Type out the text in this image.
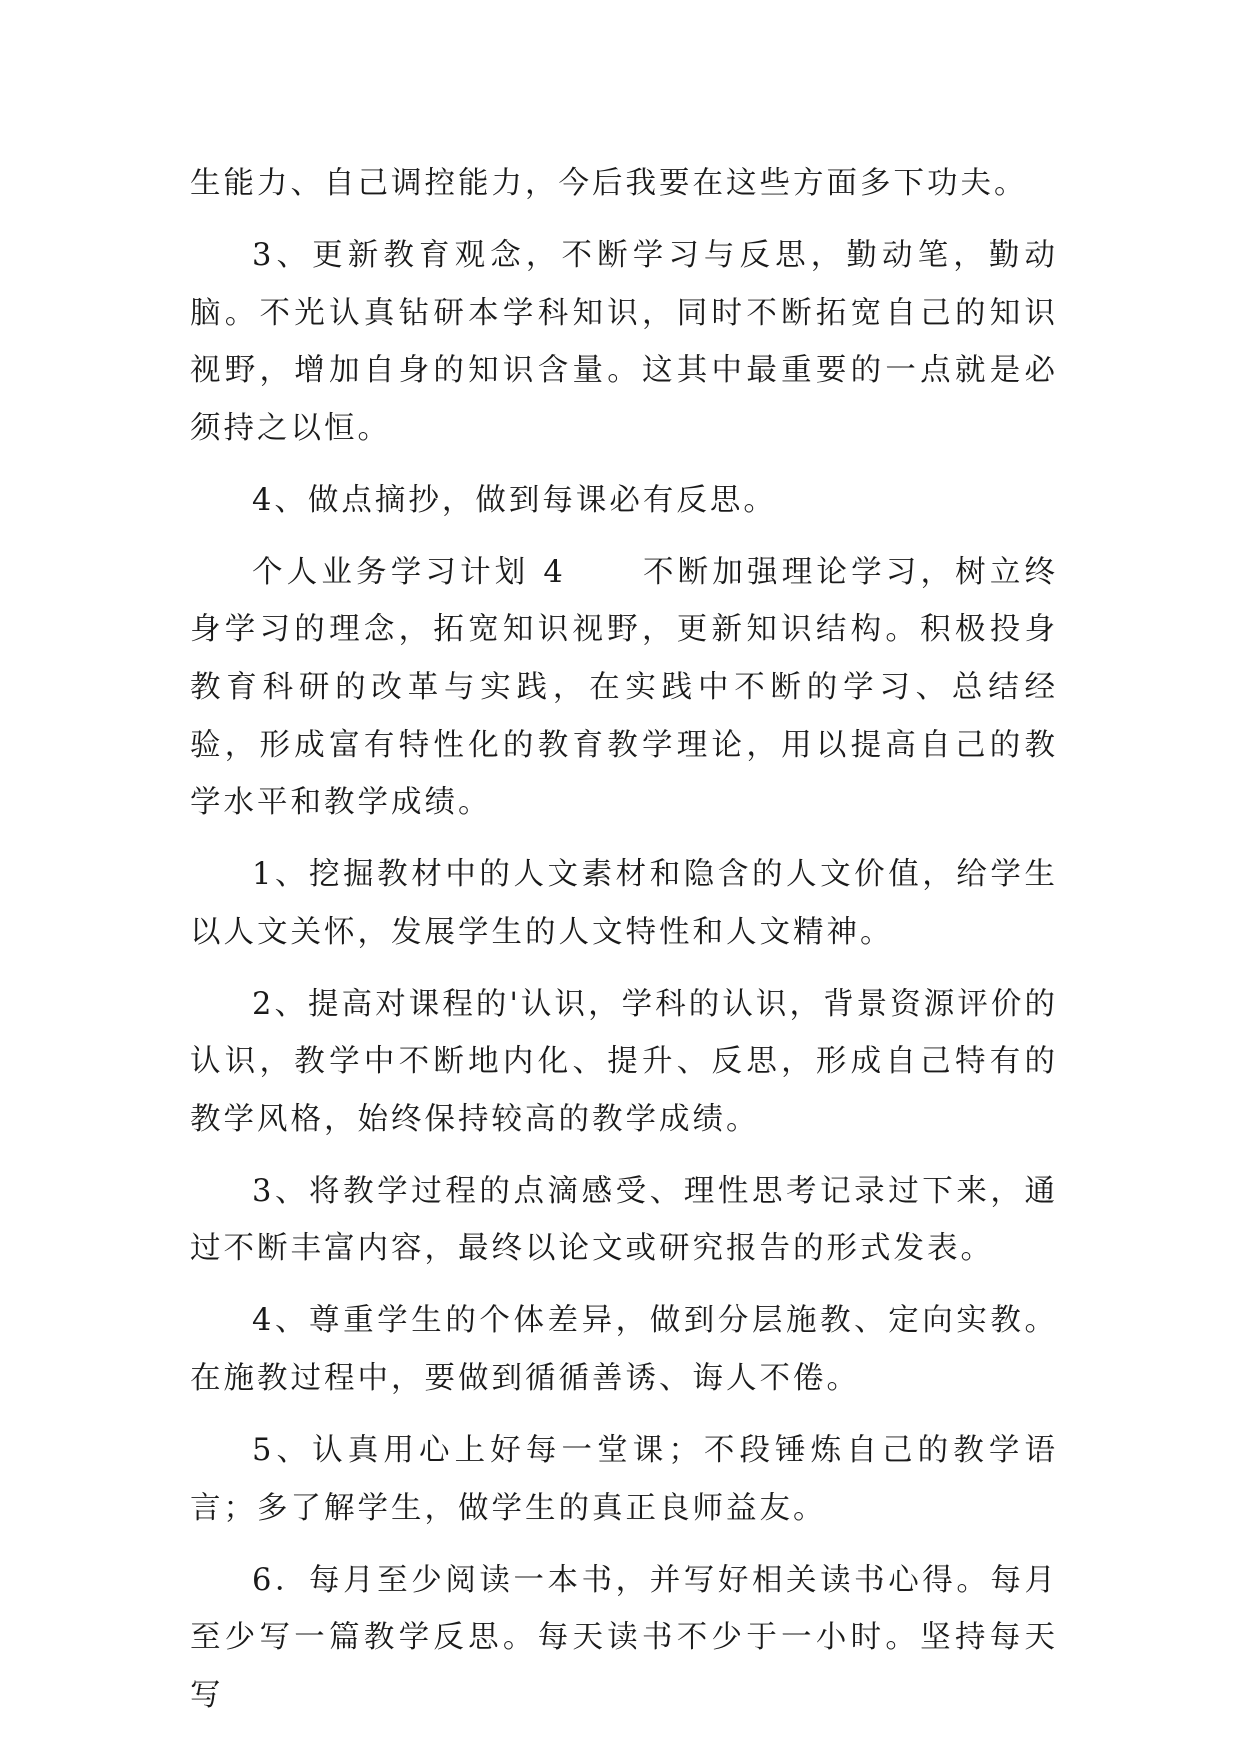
生能力、自己调控能力，今后我要在这些方面多下功夫。

3、更新教育观念，不断学习与反思，勤动笔，勤动脑。不光认真钻研本学科知识，同时不断拓宽自己的知识视野，增加自身的知识含量。这其中最重要的一点就是必须持之以恒。

4、做点摘抄，做到每课必有反思。

个人业务学习计划 4 不断加强理论学习，树立终身学习的理念，拓宽知识视野，更新知识结构。积极投身教育科研的改革与实践，在实践中不断的学习、总结经验，形成富有特性化的教育教学理论，用以提高自己的教学水平和教学成绩。

1、挖掘教材中的人文素材和隐含的人文价值，给学生以人文关怀，发展学生的人文特性和人文精神。

2、提高对课程的'认识，学科的认识，背景资源评价的认识，教学中不断地内化、提升、反思，形成自己特有的教学风格，始终保持较高的教学成绩。

3、将教学过程的点滴感受、理性思考记录过下来，通过不断丰富内容，最终以论文或研究报告的形式发表。

4、尊重学生的个体差异，做到分层施教、定向实教。在施教过程中，要做到循循善诱、诲人不倦。

5、认真用心上好每一堂课；不段锤炼自己的教学语言；多了解学生，做学生的真正良师益友。

6．每月至少阅读一本书，并写好相关读书心得。每月至少写一篇教学反思。每天读书不少于一小时。坚持每天写
